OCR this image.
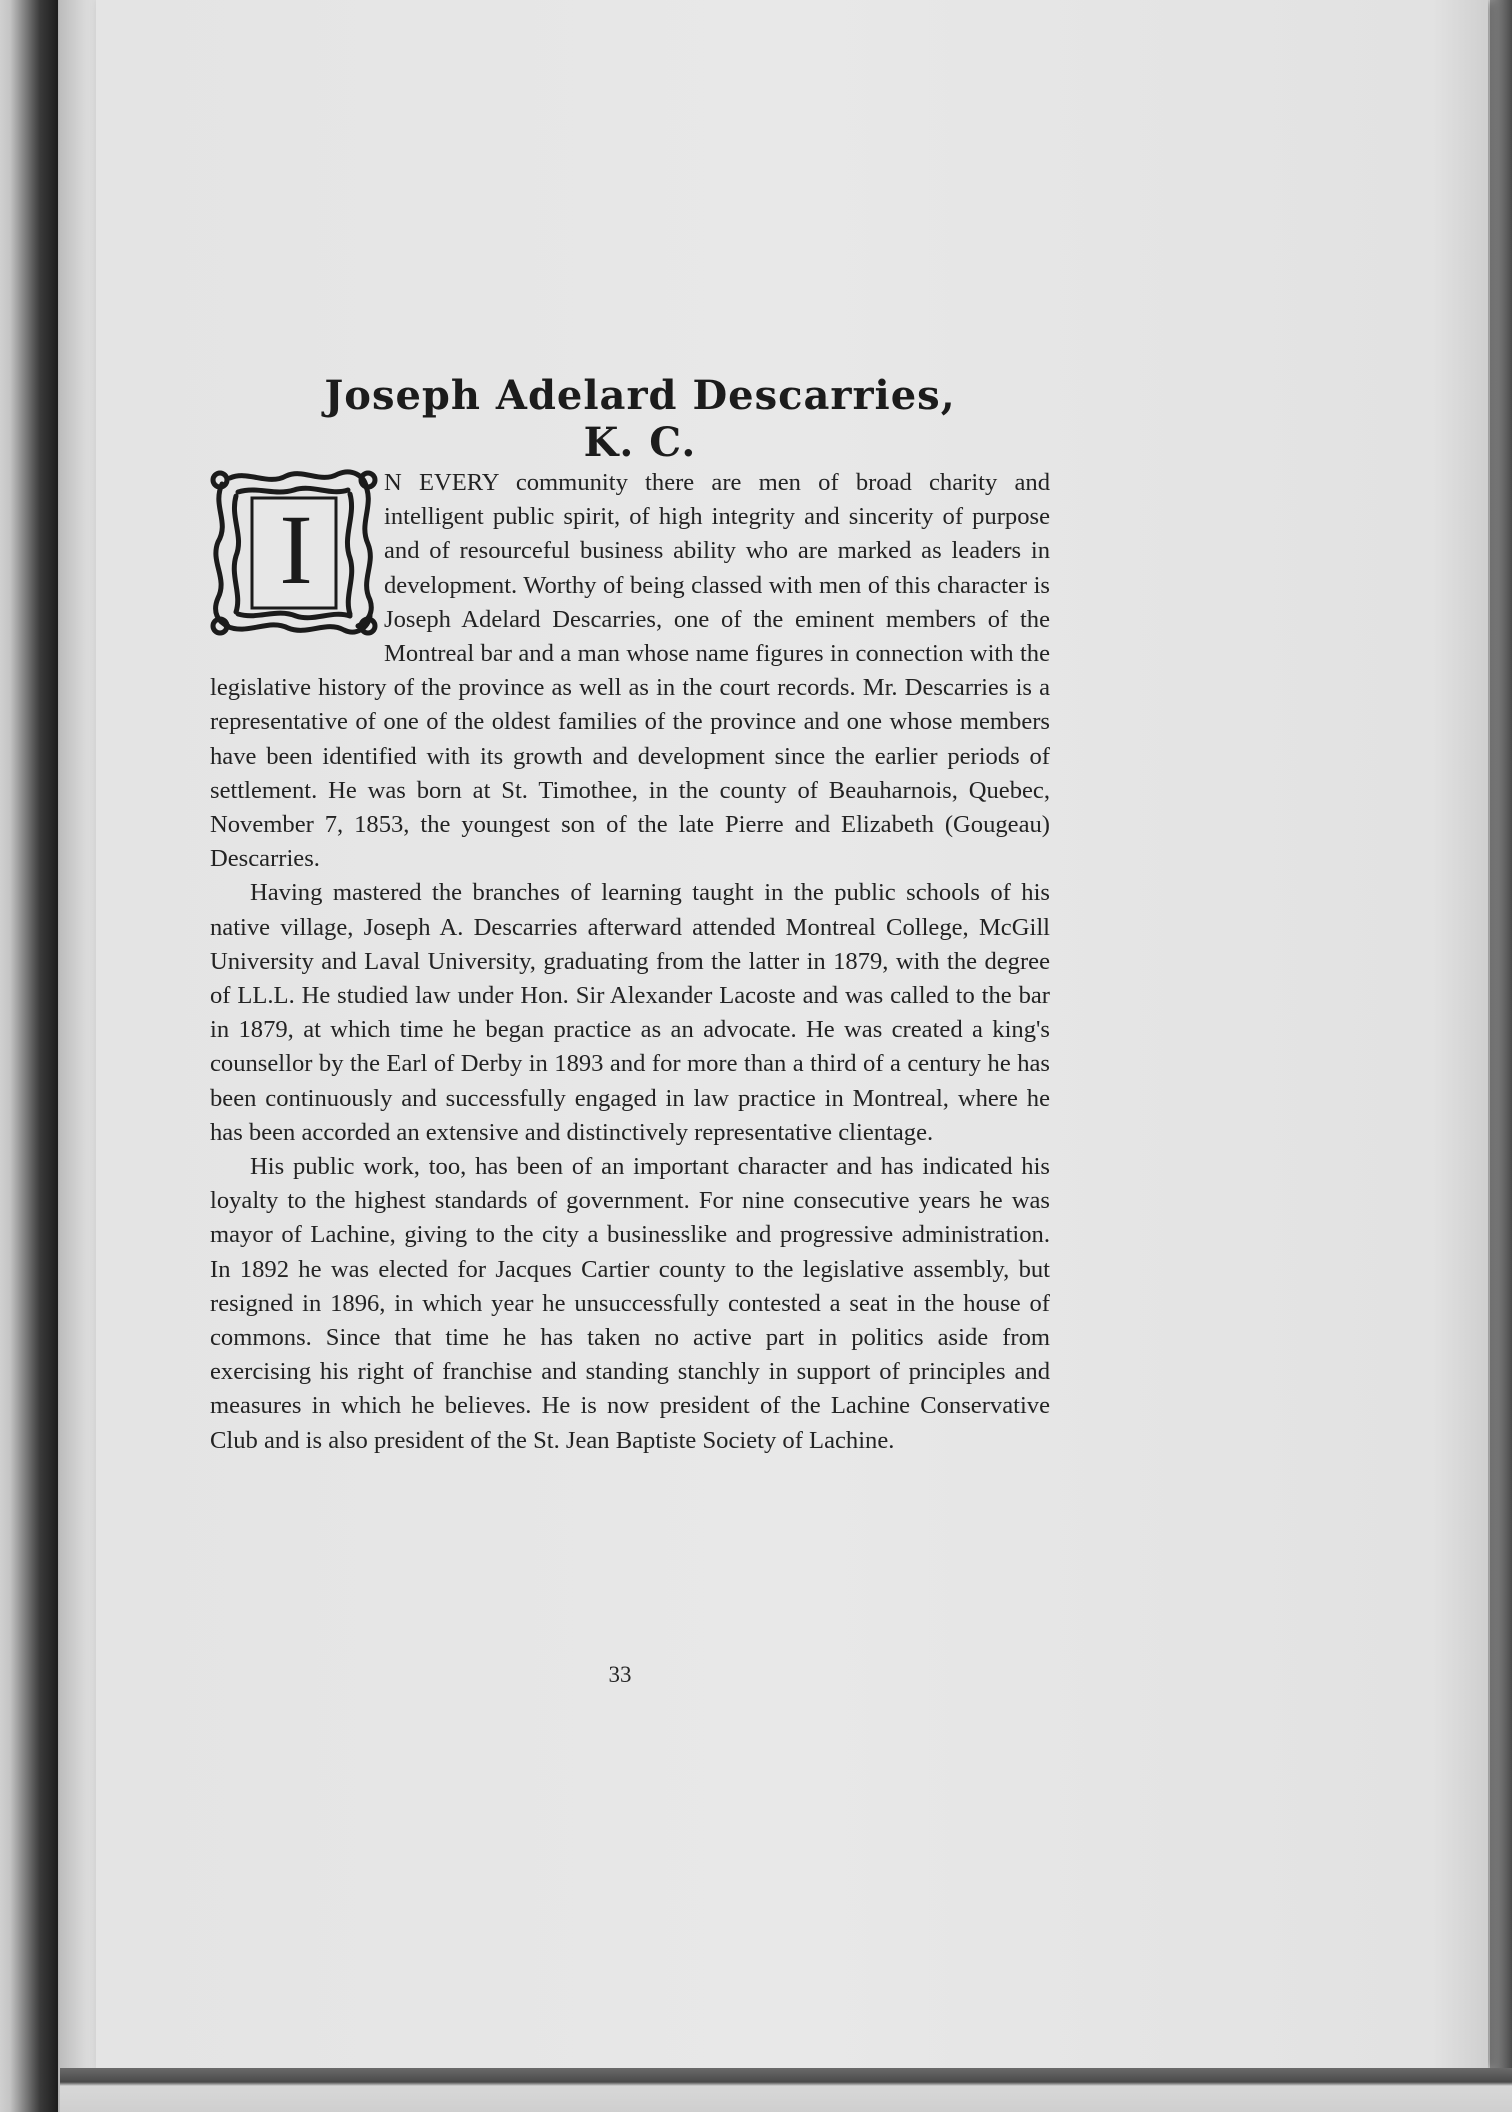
Joseph Adelard Descarries, K. C.
I

N EVERY community there are men of broad charity and intelligent public spirit, of high integrity and sincerity of purpose and of resourceful business ability who are marked as leaders in development. Worthy of being classed with men of this character is Joseph Adelard Descarries, one of the eminent members of the Montreal bar and a man whose name figures in connection with the legislative history of the province as well as in the court records. Mr. Descarries is a representative of one of the oldest families of the province and one whose members have been identified with its growth and development since the earlier periods of settlement. He was born at St. Timothee, in the county of Beauharnois, Quebec, November 7, 1853, the youngest son of the late Pierre and Elizabeth (Gougeau) Descarries.

Having mastered the branches of learning taught in the public schools of his native village, Joseph A. Descarries afterward attended Montreal College, McGill University and Laval University, graduating from the latter in 1879, with the degree of LL.L. He studied law under Hon. Sir Alexander Lacoste and was called to the bar in 1879, at which time he began practice as an advocate. He was created a king's counsellor by the Earl of Derby in 1893 and for more than a third of a century he has been continuously and successfully engaged in law practice in Montreal, where he has been accorded an extensive and distinctively representative clientage.

His public work, too, has been of an important character and has indicated his loyalty to the highest standards of government. For nine consecutive years he was mayor of Lachine, giving to the city a businesslike and progressive administration. In 1892 he was elected for Jacques Cartier county to the legislative assembly, but resigned in 1896, in which year he unsuccessfully contested a seat in the house of commons. Since that time he has taken no active part in politics aside from exercising his right of franchise and standing stanchly in support of principles and measures in which he believes. He is now president of the Lachine Conservative Club and is also president of the St. Jean Baptiste Society of Lachine.

33
